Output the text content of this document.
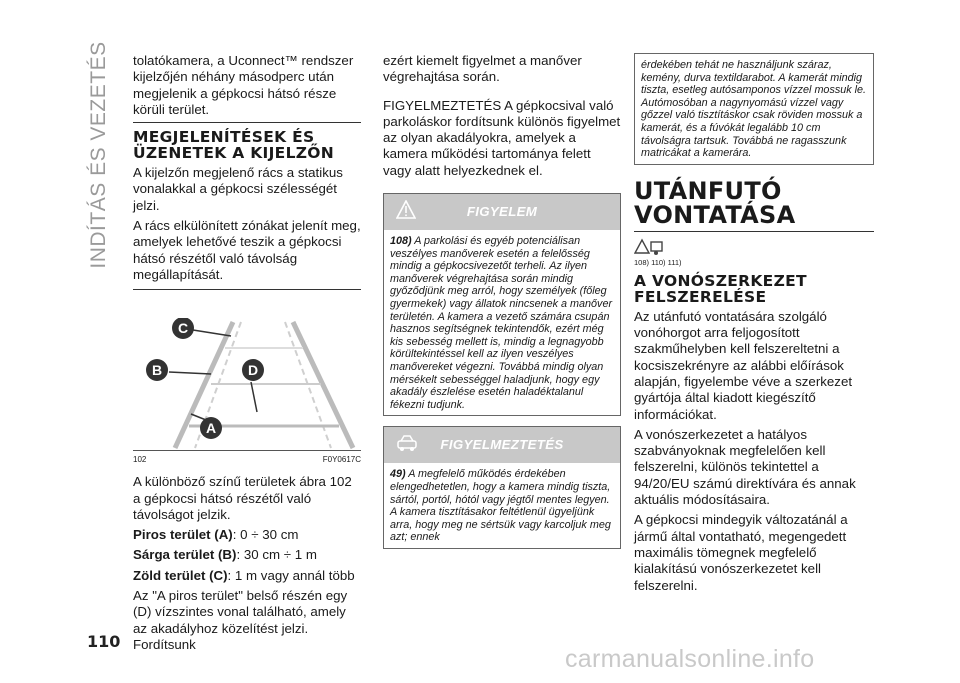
INDÍTÁS ÉS VEZETÉS
110

tolatókamera, a Uconnect™ rendszer kijelzőjén néhány másodperc után megjelenik a gépkocsi hátsó része körüli terület.

MEGJELENÍTÉSEK ÉS ÜZENETEK A KIJELZŐN

A kijelzőn megjelenő rács a statikus vonalakkal a gépkocsi szélességét jelzi.

A rács elkülönített zónákat jelenít meg, amelyek lehetővé teszik a gépkocsi hátsó részétől való távolság megállapítását.

C
B	D
A
102	F0Y0617C

A különböző színű területek ábra 102 a gépkocsi hátsó részétől való távolságot jelzik.

Piros terület (A): 0 ÷ 30 cm

Sárga terület (B): 30 cm ÷ 1 m

Zöld terület (C): 1 m vagy annál több

Az "A piros terület" belső részén egy (D) vízszintes vonal található, amely az akadályhoz közelítést jelzi. Fordítsunk

ezért kiemelt figyelmet a manőver végrehajtása során.

FIGYELMEZTETÉS A gépkocsival való parkoláskor fordítsunk különös figyelmet az olyan akadályokra, amelyek a kamera működési tartománya felett vagy alatt helyezkednek el.

FIGYELEM
108) A parkolási és egyéb potenciálisan veszélyes manőverek esetén a felelősség mindig a gépkocsivezetőt terheli. Az ilyen manőverek végrehajtása során mindig győződjünk meg arról, hogy személyek (főleg gyermekek) vagy állatok nincsenek a manőver területén. A kamera a vezető számára csupán hasznos segítségnek tekintendők, ezért még kis sebesség mellett is, mindig a legnagyobb körültekintéssel kell az ilyen veszélyes manővereket végezni. Továbbá mindig olyan mérsékelt sebességgel haladjunk, hogy egy akadály észlelése esetén haladéktalanul fékezni tudjunk.
FIGYELMEZTETÉS
49) A megfelelő működés érdekében elengedhetetlen, hogy a kamera mindig tiszta, sártól, portól, hótól vagy jégtől mentes legyen. A kamera tisztításakor feltétlenül ügyeljünk arra, hogy meg ne sértsük vagy karcoljuk meg azt; ennek
érdekében tehát ne használjunk száraz, kemény, durva textildarabot. A kamerát mindig tiszta, esetleg autósamponos vízzel mossuk le. Autómosóban a nagynyomású vízzel vagy gőzzel való tisztításkor csak röviden mossuk a kamerát, és a fúvókát legalább 10 cm távolságra tartsuk. Továbbá ne ragasszunk matricákat a kamerára.
UTÁNFUTÓ VONTATÁSA
108) 110) 111)
A VONÓSZERKEZET FELSZERELÉSE

Az utánfutó vontatására szolgáló vonóhorgot arra feljogosított szakműhelyben kell felszereltetni a kocsiszekrényre az alábbi előírások alapján, figyelembe véve a szerkezet gyártója által kiadott kiegészítő információkat.

A vonószerkezetet a hatályos szabványoknak megfelelően kell felszerelni, különös tekintettel a 94/20/EU számú direktívára és annak aktuális módosításaira.

A gépkocsi mindegyik változatánál a jármű által vontatható, megengedett maximális tömegnek megfelelő kialakítású vonószerkezetet kell felszerelni.

carmanualsonline.info
